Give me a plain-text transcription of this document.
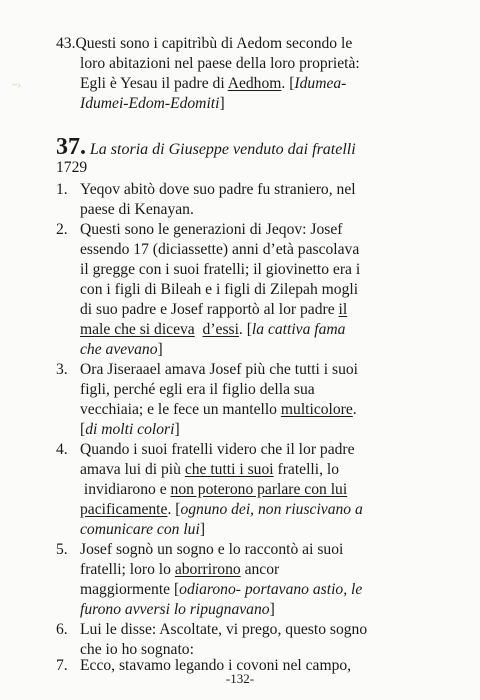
~›
43.Questi sono i capitrìbù di Aedom secondo le
loro abitazioni nel paese della loro proprietà:
Egli è Yesau il padre di Aedhom. [Idumea-
Idumei-Edom-Edomiti]
37. La storia di Giuseppe venduto dai fratelli
1729
1. Yeqov abitò dove suo padre fu straniero, nel
paese di Kenayan.
2. Questi sono le generazioni di Jeqov: Josef
essendo 17 (diciassette) anni d’età pascolava
il gregge con i suoi fratelli; il giovinetto era i
con i figli di Bileah e i figli di Zilepah mogli
di suo padre e Josef rapportò al lor padre il
male che si diceva d’essi. [la cattiva fama
che avevano]
3. Ora Jiseraael amava Josef più che tutti i suoi
figli, perché egli era il figlio della sua
vecchiaia; e le fece un mantello multicolore.
[di molti colori]
4. Quando i suoi fratelli videro che il lor padre
amava lui di più che tutti i suoi fratelli, lo
invidiarono e non poterono parlare con lui
pacificamente. [ognuno dei, non riuscivano a
comunicare con lui]
5. Josef sognò un sogno e lo raccontò ai suoi
fratelli; loro lo aborrirono ancor
maggiormente [odiarono- portavano astio, le
furono avversi lo ripugnavano]
6. Lui le disse: Ascoltate, vi prego, questo sogno
che io ho sognato:
7. Ecco, stavamo legando i covoni nel campo,
-132-
